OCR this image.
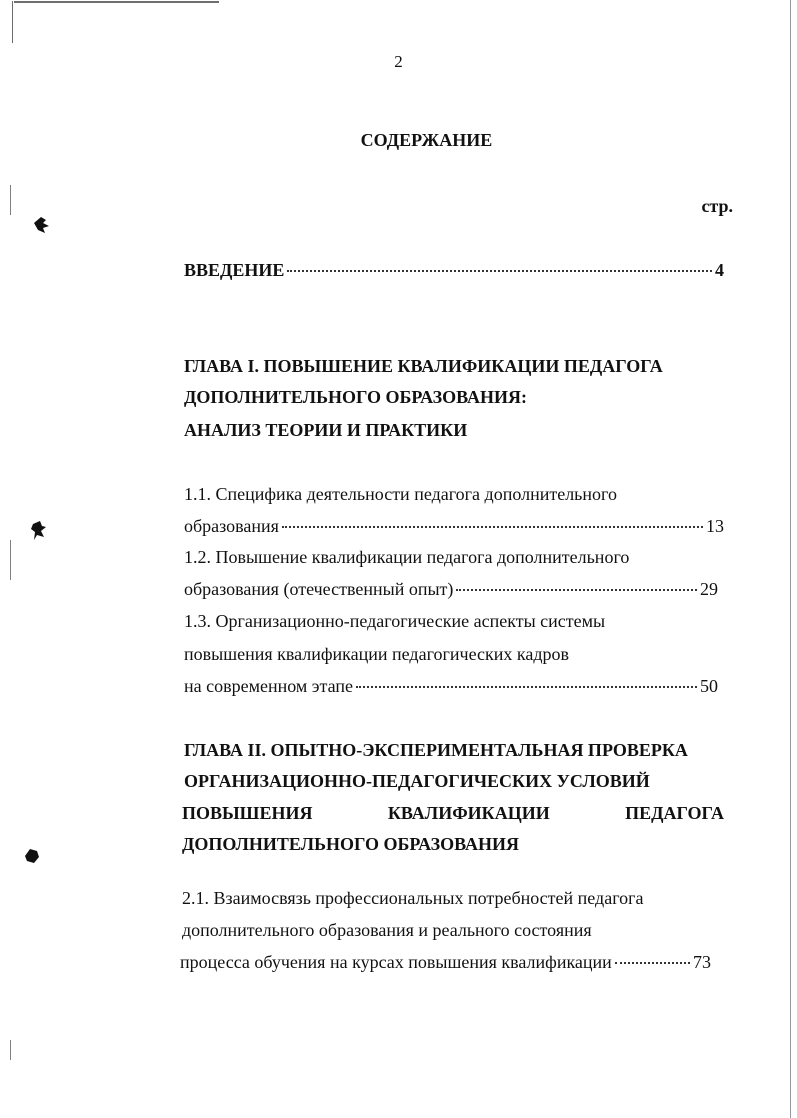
2
СОДЕРЖАНИЕ
стр.
ВВЕДЕНИЕ	4
ГЛАВА I. ПОВЫШЕНИЕ КВАЛИФИКАЦИИ ПЕДАГОГА
ДОПОЛНИТЕЛЬНОГО ОБРАЗОВАНИЯ:
АНАЛИЗ ТЕОРИИ И ПРАКТИКИ
1.1. Специфика деятельности педагога дополнительного
образования	13
1.2. Повышение квалификации педагога дополнительного
образования (отечественный опыт)	29
1.3. Организационно-педагогические аспекты системы
повышения квалификации педагогических кадров
на современном этапе	50
ГЛАВА II. ОПЫТНО-ЭКСПЕРИМЕНТАЛЬНАЯ ПРОВЕРКА
ОРГАНИЗАЦИОННО-ПЕДАГОГИЧЕСКИХ УСЛОВИЙ
ПОВЫШЕНИЯ	КВАЛИФИКАЦИИ	ПЕДАГОГА
ДОПОЛНИТЕЛЬНОГО ОБРАЗОВАНИЯ
2.1. Взаимосвязь профессиональных потребностей педагога
дополнительного образования и реального состояния
процесса обучения на курсах повышения квалификации	73
